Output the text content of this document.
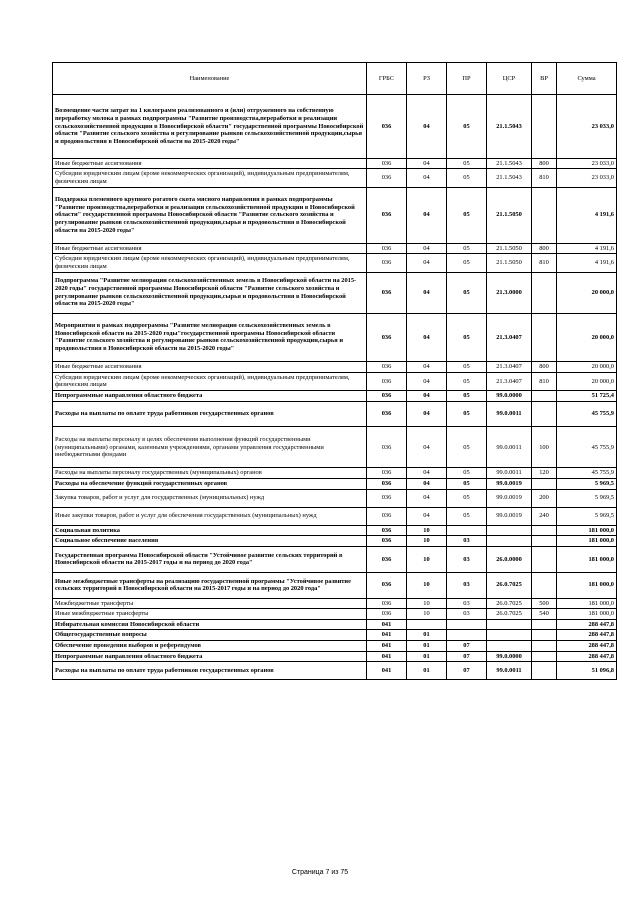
Наименование	ГРБС	РЗ	ПР	ЦСР	ВР	Сумма
Возмещение части затрат на 1 килограмм реализованного и (или) отгруженного на собственную переработку молока в рамках подпрограммы "Развитие производства,переработки и реализации сельскохозяйственной продукции в Новосибирской области" государственной программы Новосибирской области "Развитие сельского хозяйства и регулирование рынков сельскохозяйственной продукции,сырья и продовольствия в Новосибирской области на 2015-2020 годы"	036	04	05	21.1.5043		23 033,0
Иные бюджетные ассигнования	036	04	05	21.1.5043	800	23 033,0
Субсидии юридическим лицам (кроме некоммерческих организаций), индивидуальным предпринимателям, физическим лицам	036	04	05	21.1.5043	810	23 033,0
Поддержка племенного крупного рогатого скота мясного направления в рамках подпрограммы "Развитие производства,переработки и реализации сельскохозяйственной продукции в Новосибирской области" государственной программы Новосибирской области "Развитие сельского хозяйства и регулирование рынков сельскохозяйственной продукции,сырья и продовольствия в Новосибирской области на 2015-2020 годы"	036	04	05	21.1.5050		4 191,6
Иные бюджетные ассигнования	036	04	05	21.1.5050	800	4 191,6
Субсидии юридическим лицам (кроме некоммерческих организаций), индивидуальным предпринимателям, физическим лицам	036	04	05	21.1.5050	810	4 191,6
Подпрограмма "Развитие мелиорации сельскохозяйственных земель в Новосибирской области на 2015-2020 годы" государственной программы Новосибирской области "Развитие сельского хозяйства и регулирование рынков сельскохозяйственной продукции,сырья и продовольствия в Новосибирской области на 2015-2020 годы"	036	04	05	21.3.0000		20 000,0
Мероприятия в рамках подпрограммы "Развитие мелиорации сельскохозяйственных земель в Новосибирской области на 2015-2020 годы"государственной программы Новосибирской области "Развитие сельского хозяйства и регулирование рынков сельскохозяйственной продукции,сырья и продовольствия в Новосибирской области на 2015-2020 годы"	036	04	05	21.3.0407		20 000,0
Иные бюджетные ассигнования	036	04	05	21.3.0407	800	20 000,0
Субсидии юридическим лицам (кроме некоммерческих организаций), индивидуальным предпринимателям, физическим лицам	036	04	05	21.3.0407	810	20 000,0
Непрограммные направления областного бюджета	036	04	05	99.0.0000		51 725,4
Расходы на выплаты по оплате труда работников государственных органов	036	04	05	99.0.0011		45 755,9
Расходы на выплаты персоналу в целях обеспечения выполнения функций государственными (муниципальными) органами, казенными учреждениями, органами управления государственными внебюджетными фондами	036	04	05	99.0.0011	100	45 755,9
Расходы на выплаты персоналу государственных (муниципальных) органов	036	04	05	99.0.0011	120	45 755,9
Расходы на обеспечение функций государственных органов	036	04	05	99.0.0019		5 969,5
Закупка товаров, работ и услуг для государственных (муниципальных) нужд	036	04	05	99.0.0019	200	5 969,5
Иные закупки товаров, работ и услуг для обеспечения государственных (муниципальных) нужд	036	04	05	99.0.0019	240	5 969,5
Социальная политика	036	10				181 000,0
Социальное обеспечение населения	036	10	03			181 000,0
Государственная программа Новосибирской области "Устойчивое развитие сельских территорий в Новосибирской области на 2015-2017 годы и на период до 2020 года"	036	10	03	26.0.0000		181 000,0
Иные межбюджетные трансферты на реализацию государственной программы "Устойчивое развитие сельских территорий в Новосибирской области на 2015-2017 годы и на период до 2020 года"	036	10	03	26.0.7025		181 000,0
Межбюджетные трансферты	036	10	03	26.0.7025	500	181 000,0
Иные межбюджетные трансферты	036	10	03	26.0.7025	540	181 000,0
Избирательная комиссия Новосибирской области	041					288 447,8
Общегосударственные вопросы	041	01				288 447,8
Обеспечение проведения выборов и референдумов	041	01	07			288 447,8
Непрограммные направления областного бюджета	041	01	07	99.0.0000		288 447,8
Расходы на выплаты по оплате труда работников государственных органов	041	01	07	99.0.0011		51 096,8
Страница 7 из 75
